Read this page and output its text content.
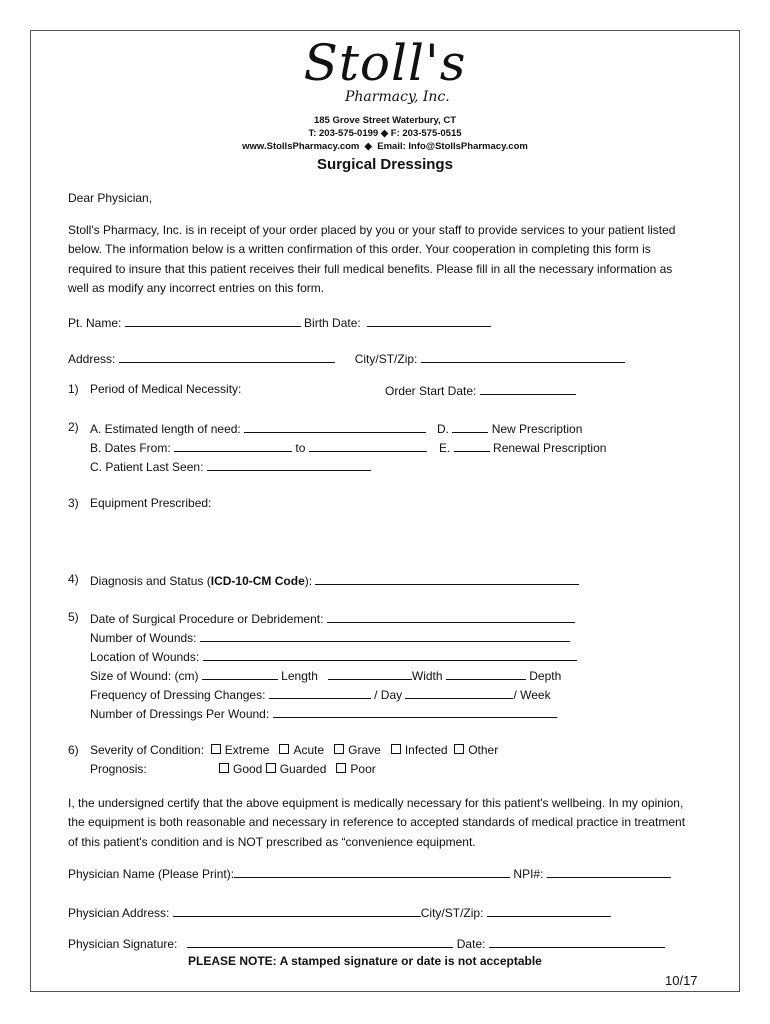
Stoll's
Pharmacy, Inc.
185 Grove Street Waterbury, CT
T: 203-575-0199 ◆ F: 203-575-0515
www.StollsPharmacy.com ◆ Email: Info@StollsPharmacy.com
Surgical Dressings
Dear Physician,
Stoll's Pharmacy, Inc. is in receipt of your order placed by you or your staff to provide services to your patient listed
below. The information below is a written confirmation of this order. Your cooperation in completing this form is
required to insure that this patient receives their full medical benefits. Please fill in all the necessary information as
well as modify any incorrect entries on this form.
Pt. Name:	Birth Date:
Address:	City/ST/Zip:
1) Period of Medical Necessity:	Order Start Date:
2) A. Estimated length of need:	D.	New Prescription
B. Dates From:	to	E.	Renewal Prescription
C. Patient Last Seen:
3) Equipment Prescribed:
4) Diagnosis and Status (ICD-10-CM Code):
5) Date of Surgical Procedure or Debridement:
Number of Wounds:
Location of Wounds:
Size of Wound: (cm)	Length	Width	Depth
Frequency of Dressing Changes:	/ Day	/ Week
Number of Dressings Per Wound:
6) Severity of Condition: Extreme Acute Grave Infected Other
Prognosis:	Good Guarded Poor
I, the undersigned certify that the above equipment is medically necessary for this patient's wellbeing. In my opinion,
the equipment is both reasonable and necessary in reference to accepted standards of medical practice in treatment
of this patient's condition and is NOT prescribed as “convenience equipment.
Physician Name (Please Print):	NPI#:
Physician Address:	City/ST/Zip:
Physician Signature:	Date:
PLEASE NOTE: A stamped signature or date is not acceptable
10/17
